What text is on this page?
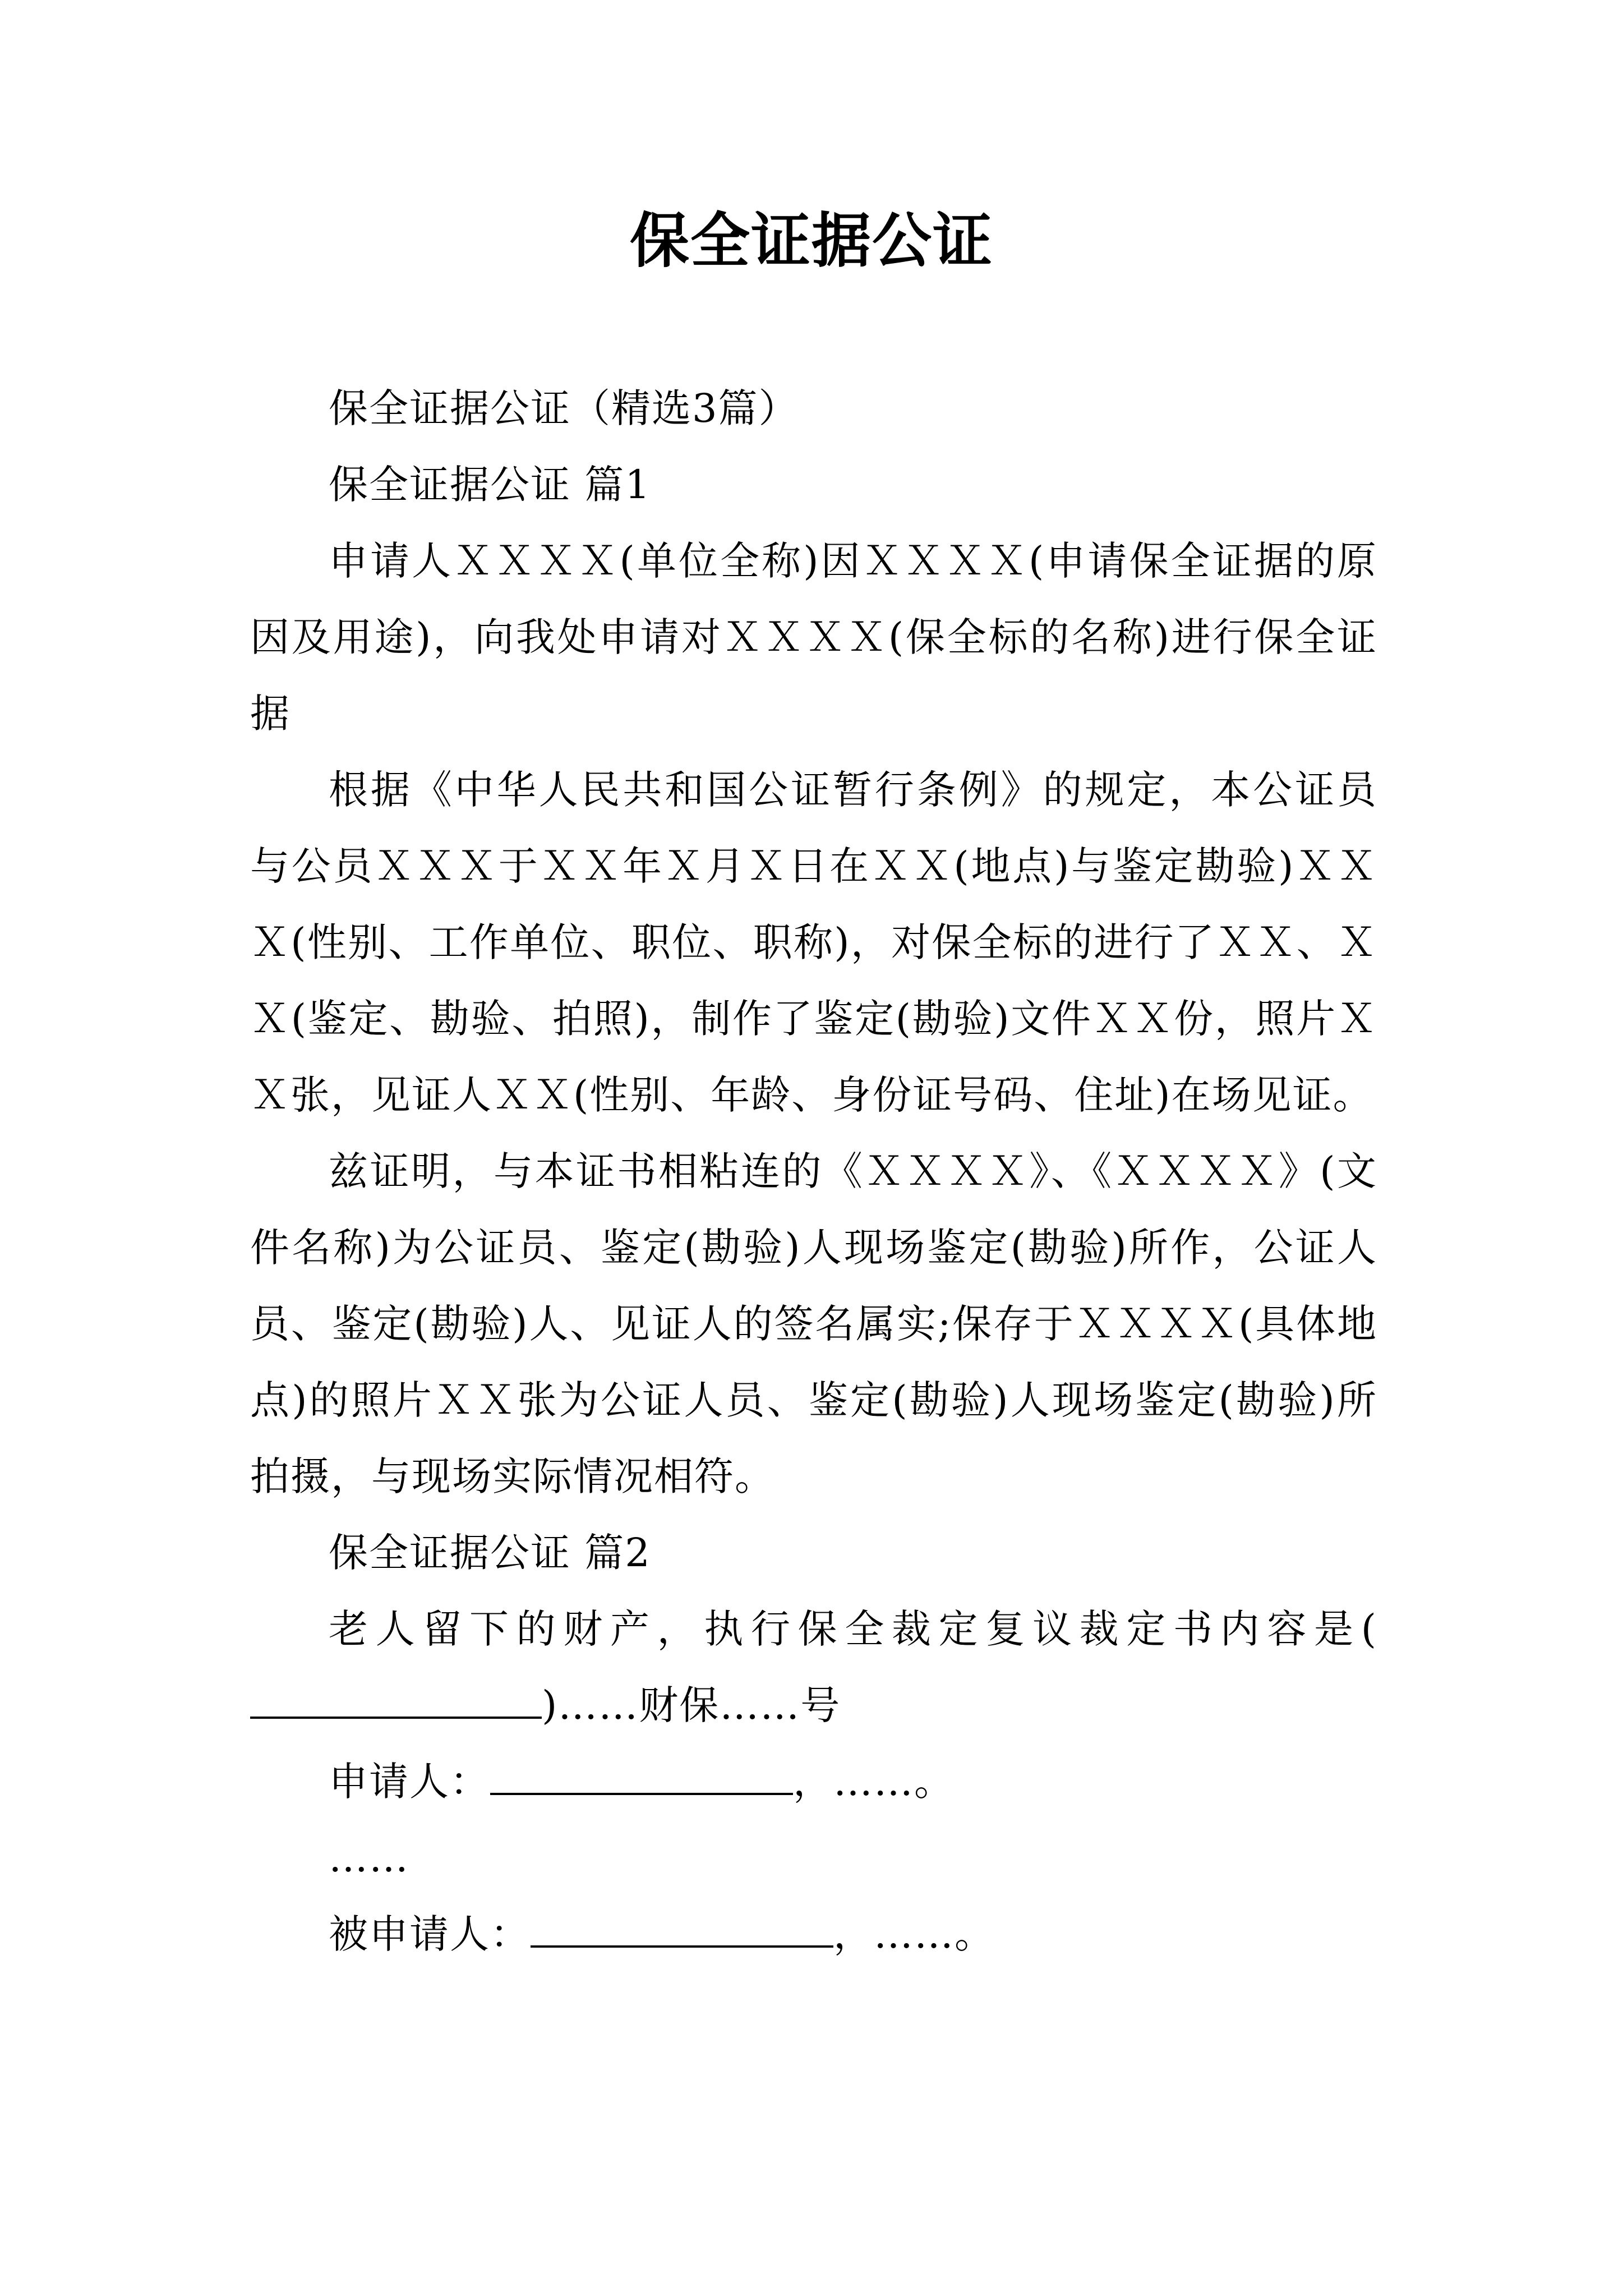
保全证据公证

保全证据公证（精选3篇）

保全证据公证 篇1

申请人ＸＸＸＸ(单位全称)因ＸＸＸＸ(申请保全证据的原因及用途)，向我处申请对ＸＸＸＸ(保全标的名称)进行保全证据

根据《中华人民共和国公证暂行条例》的规定，本公证员与公员ＸＸＸ于ＸＸ年Ｘ月Ｘ日在ＸＸ(地点)与鉴定勘验)ＸＸＸ(性别、工作单位、职位、职称)，对保全标的进行了ＸＸ、ＸＸ(鉴定、勘验、拍照)，制作了鉴定(勘验)文件ＸＸ份，照片ＸＸ张，见证人ＸＸ(性别、年龄、身份证号码、住址)在场见证。

兹证明，与本证书相粘连的《ＸＸＸＸ》、《ＸＸＸＸ》(文件名称)为公证员、鉴定(勘验)人现场鉴定(勘验)所作，公证人员、鉴定(勘验)人、见证人的签名属实;保存于ＸＸＸＸ(具体地点)的照片ＸＸ张为公证人员、鉴定(勘验)人现场鉴定(勘验)所拍摄，与现场实际情况相符。

保全证据公证 篇2

老人留下的财产，执行保全裁定复议裁定书内容是()……财保……号

申请人：	，……。

……

被申请人：	，……。
